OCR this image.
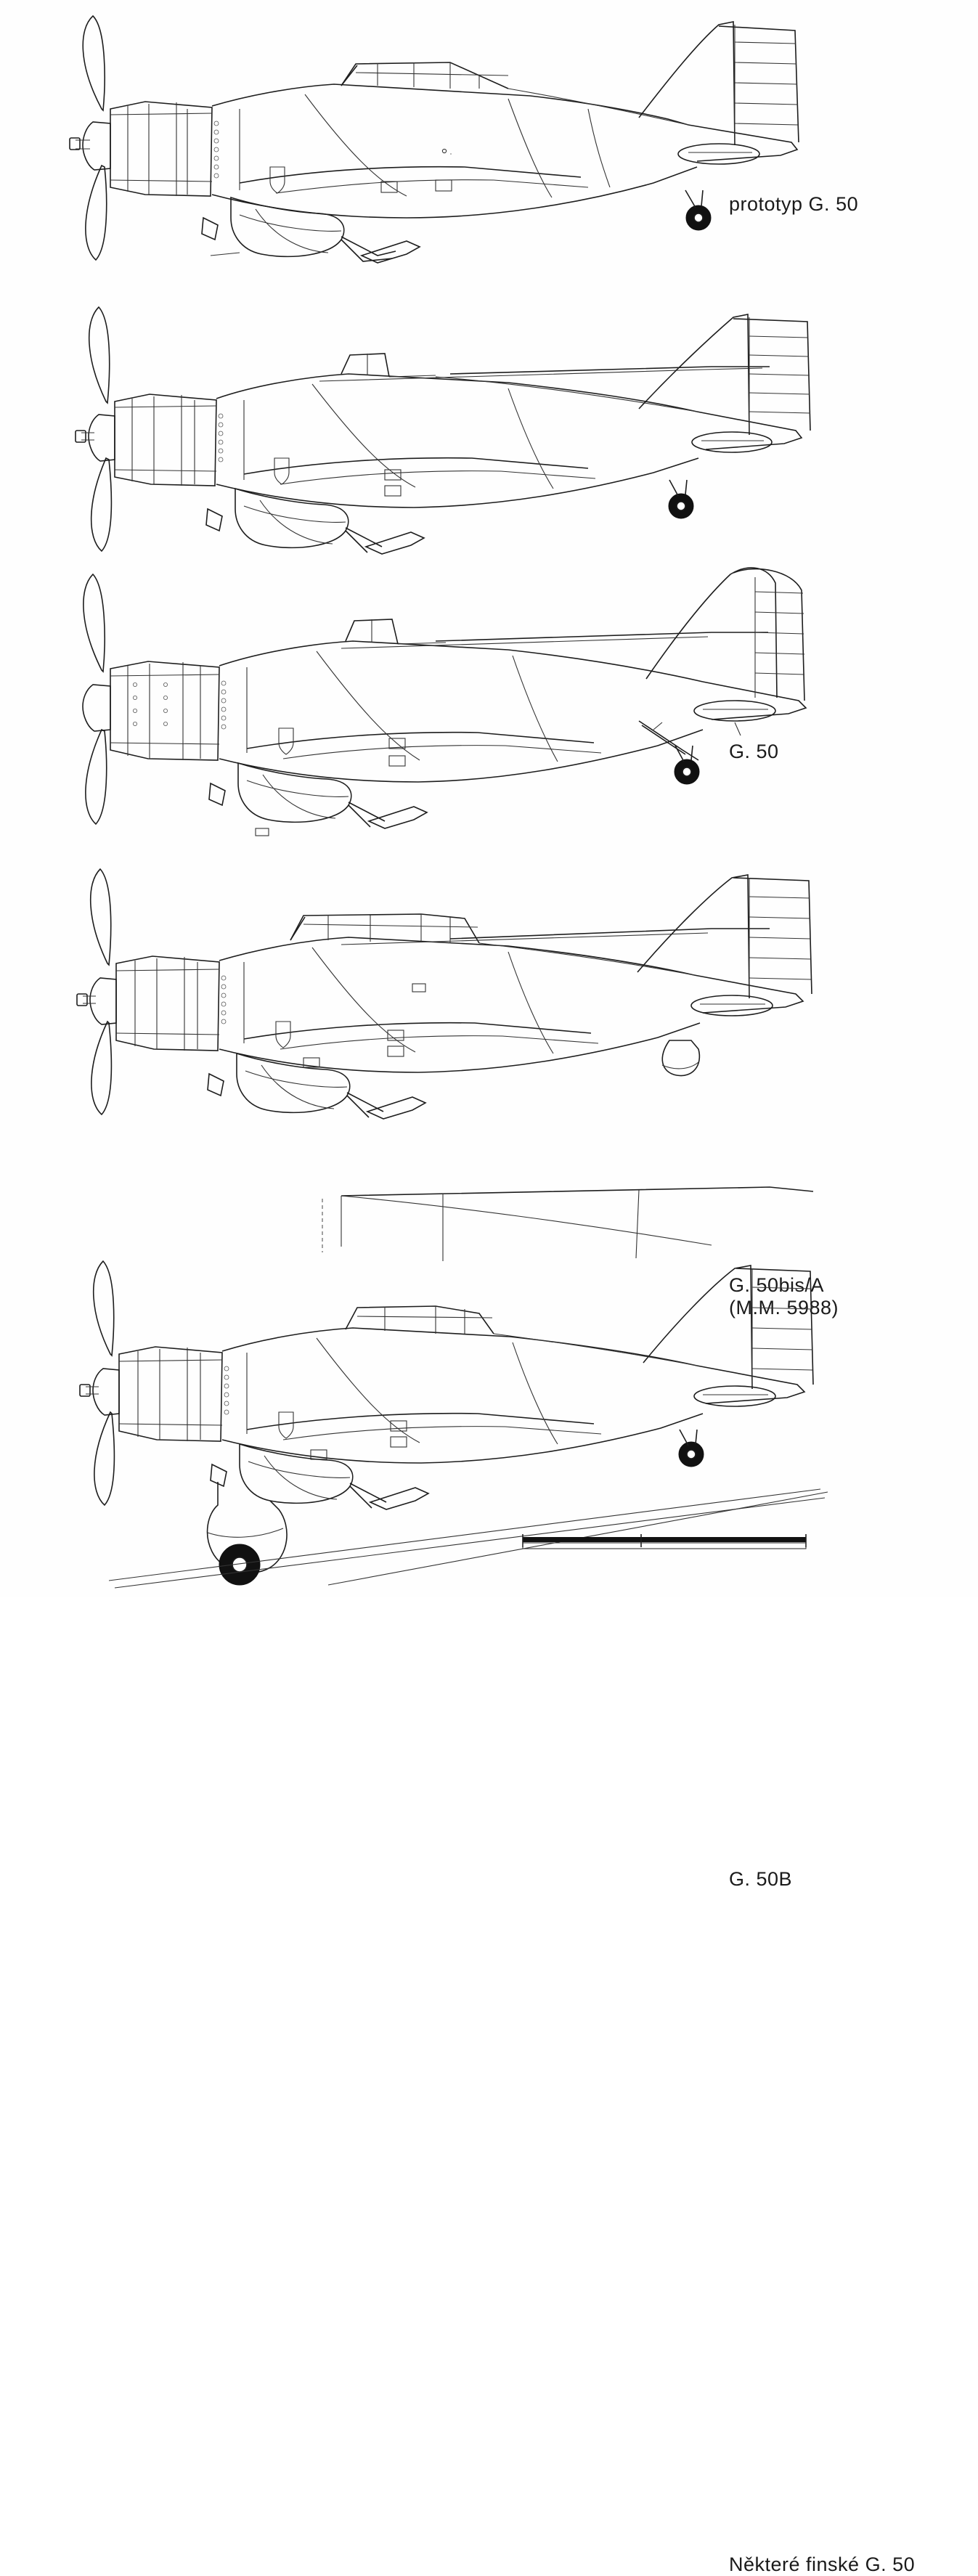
prototyp G. 50
G. 50
G. 50bis/A
(M.M. 5988)
G. 50B
Některé finské G. 50
